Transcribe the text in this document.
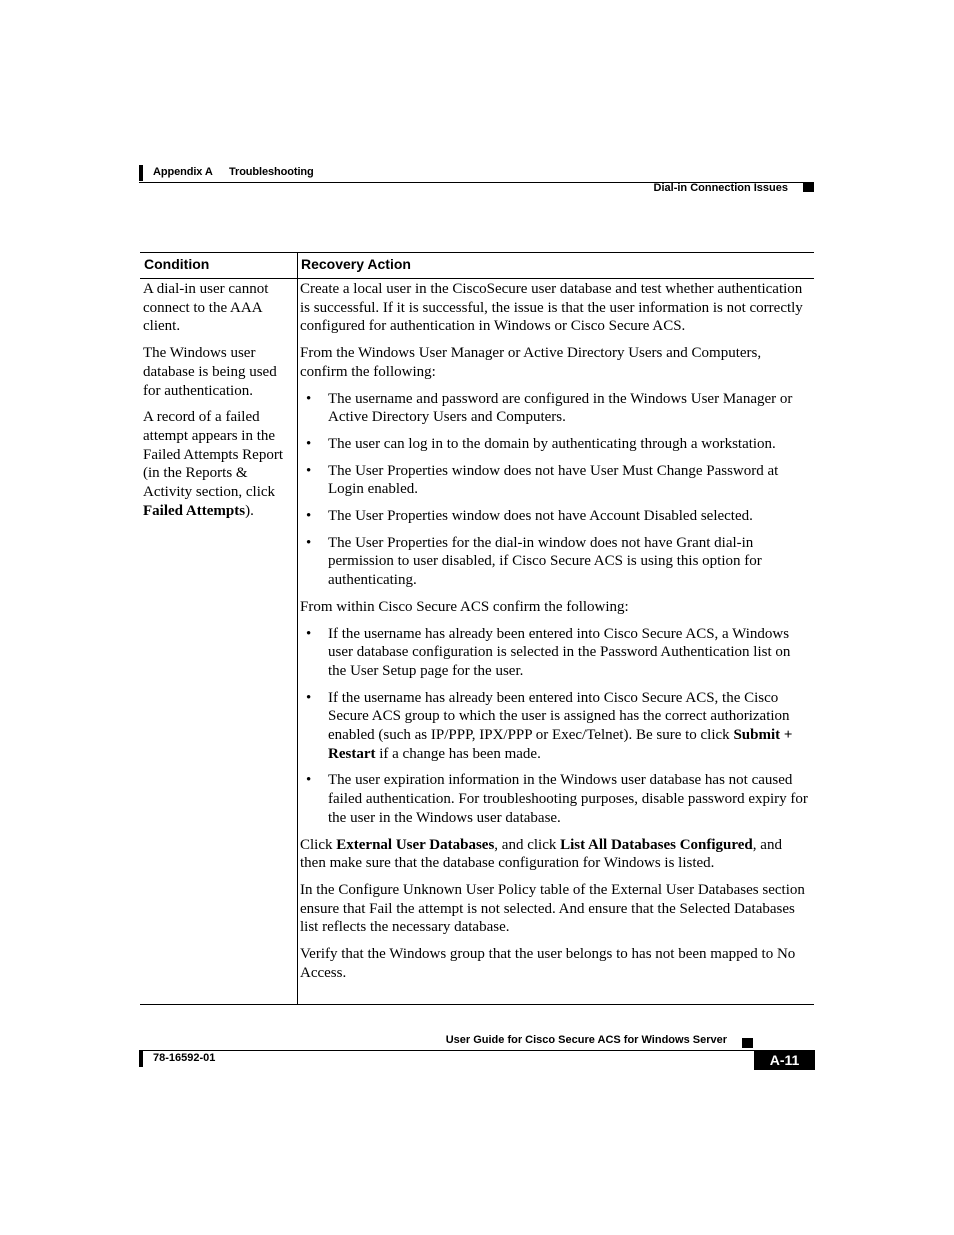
Appendix A Troubleshooting
Dial-in Connection Issues
Condition	Recovery Action

A dial-in user cannot connect to the AAA client.

The Windows user database is being used for authentication.

A record of a failed attempt appears in the Failed Attempts Report (in the Reports & Activity section, click Failed Attempts).

Create a local user in the CiscoSecure user database and test whether authentication is successful. If it is successful, the issue is that the user information is not correctly configured for authentication in Windows or Cisco Secure ACS.

From the Windows User Manager or Active Directory Users and Computers, confirm the following:

• The username and password are configured in the Windows User Manager or Active Directory Users and Computers.
• The user can log in to the domain by authenticating through a workstation.
• The User Properties window does not have User Must Change Password at Login enabled.
• The User Properties window does not have Account Disabled selected.
• The User Properties for the dial-in window does not have Grant dial-in permission to user disabled, if Cisco Secure ACS is using this option for authenticating.

From within Cisco Secure ACS confirm the following:

• If the username has already been entered into Cisco Secure ACS, a Windows user database configuration is selected in the Password Authentication list on the User Setup page for the user.
• If the username has already been entered into Cisco Secure ACS, the Cisco Secure ACS group to which the user is assigned has the correct authorization enabled (such as IP/PPP, IPX/PPP or Exec/Telnet). Be sure to click Submit + Restart if a change has been made.
• The user expiration information in the Windows user database has not caused failed authentication. For troubleshooting purposes, disable password expiry for the user in the Windows user database.

Click External User Databases, and click List All Databases Configured, and then make sure that the database configuration for Windows is listed.

In the Configure Unknown User Policy table of the External User Databases section ensure that Fail the attempt is not selected. And ensure that the Selected Databases list reflects the necessary database.

Verify that the Windows group that the user belongs to has not been mapped to No Access.

User Guide for Cisco Secure ACS for Windows Server
78-16592-01	A-11
